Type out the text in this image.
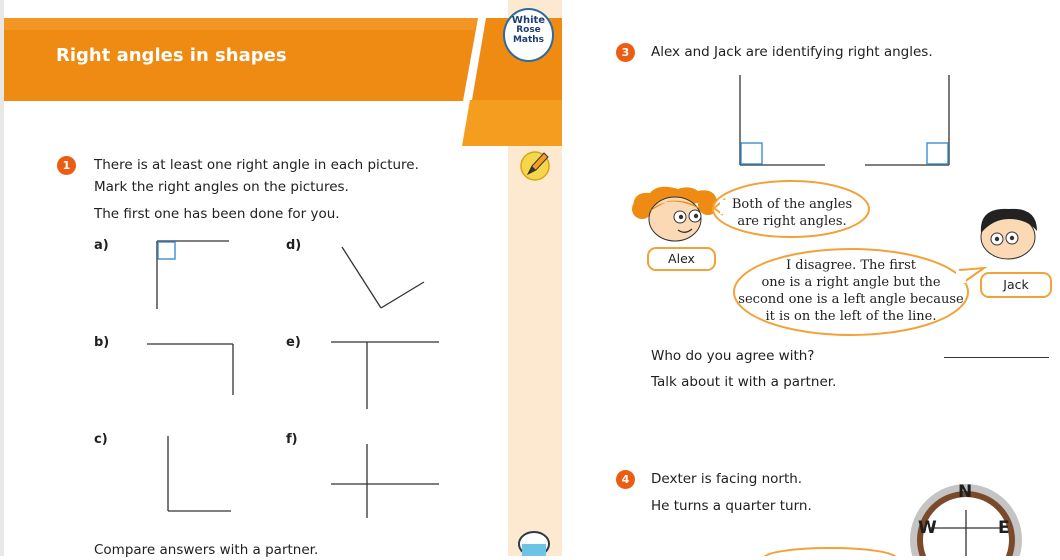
Right angles in shapes
White
Rose
Maths
1	There is at least one right angle in each picture.
Mark the right angles on the pictures.
The first one has been done for you.
a)	d)
b)	e)
c)	f)
Compare answers with a partner.
3	Alex and Jack are identifying right angles.
Alex
Both of the angles
are right angles.
Jack
I disagree. The first
one is a right angle but the
second one is a left angle because
it is on the left of the line.
Who do you agree with?
Talk about it with a partner.
4	Dexter is facing north.
He turns a quarter turn.
N
W	E
